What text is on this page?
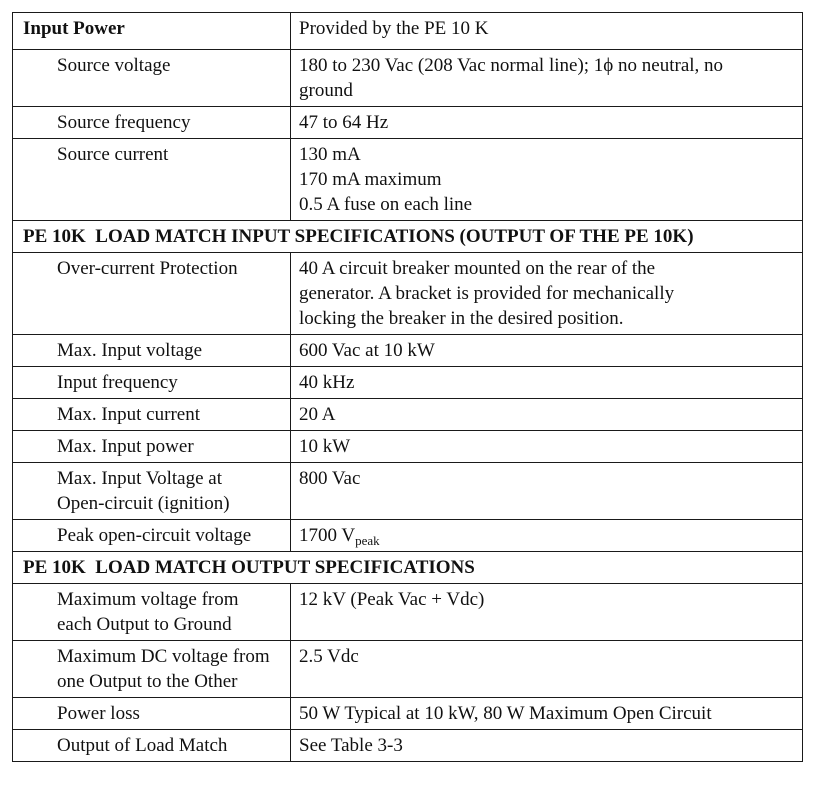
Input Power	Provided by the PE 10 K
Source voltage	180 to 230 Vac (208 Vac normal line); 1ϕ no neutral, no
ground

Source frequency	47 to 64 Hz

Source current	130 mA
170 mA maximum
0.5 A fuse on each line

PE 10K  LOAD MATCH INPUT SPECIFICATIONS (OUTPUT OF THE PE 10K)	

Over-current Protection	40 A circuit breaker mounted on the rear of the
generator. A bracket is provided for mechanically
locking the breaker in the desired position.

Max. Input voltage	600 Vac at 10 kW
Input frequency	40 kHz
Max. Input current	20 A
Max. Input power	10 kW

Max. Input Voltage at
Open-circuit (ignition)	800 Vac
Peak open-circuit voltage	1700 $V_{peak}$
PE 10K  LOAD MATCH OUTPUT SPECIFICATIONS	

Maximum voltage from
each Output to Ground	12 kV (Peak Vac + Vdc)

Maximum DC voltage from
one Output to the Other	2.5 Vdc
Power loss	50 W Typical at 10 kW, 80 W Maximum Open Circuit
Output of Load Match	See Table 3-3
